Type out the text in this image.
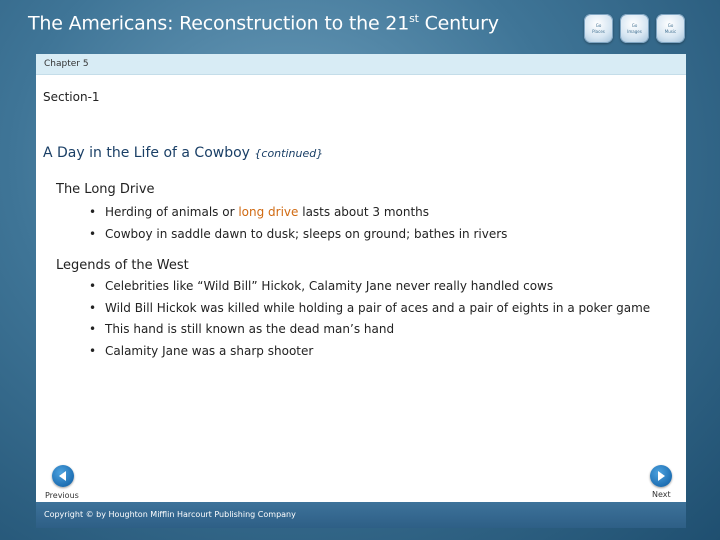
The Americans: Reconstruction to the 21st Century	Go
Places
Go
Images
Go
Music
Chapter 5
Section-1
A Day in the Life of a Cowboy {continued}
The Long Drive
• Herding of animals or long drive lasts about 3 months
• Cowboy in saddle dawn to dusk; sleeps on ground; bathes in rivers
Legends of the West
• Celebrities like “Wild Bill” Hickok, Calamity Jane never really handled cows
• Wild Bill Hickok was killed while holding a pair of aces and a pair of eights in a poker game
• This hand is still known as the dead man’s hand
• Calamity Jane was a sharp shooter
Previous	Next
Copyright © by Houghton Mifflin Harcourt Publishing Company
